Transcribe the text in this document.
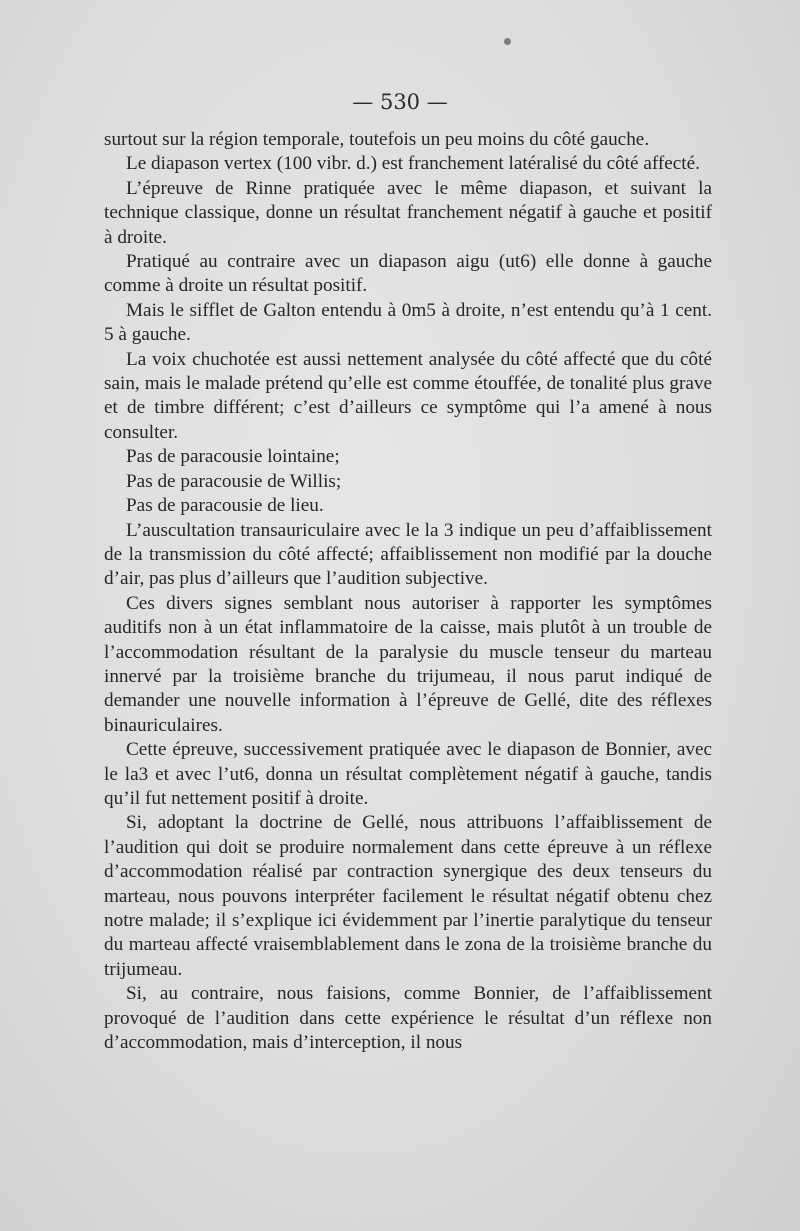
— 530 —

surtout sur la région temporale, toutefois un peu moins du côté gauche.

Le diapason vertex (100 vibr. d.) est franchement latéralisé du côté affecté.

L’épreuve de Rinne pratiquée avec le même diapason, et suivant la technique classique, donne un résultat franchement négatif à gauche et positif à droite.

Pratiqué au contraire avec un diapason aigu (ut6) elle donne à gauche comme à droite un résultat positif.

Mais le sifflet de Galton entendu à 0m5 à droite, n’est entendu qu’à 1 cent. 5 à gauche.

La voix chuchotée est aussi nettement analysée du côté affecté que du côté sain, mais le malade prétend qu’elle est comme étouffée, de tonalité plus grave et de timbre différent; c’est d’ailleurs ce symptôme qui l’a amené à nous consulter.

Pas de paracousie lointaine;

Pas de paracousie de Willis;

Pas de paracousie de lieu.

L’auscultation transauriculaire avec le la 3 indique un peu d’affaiblissement de la transmission du côté affecté; affaiblissement non modifié par la douche d’air, pas plus d’ailleurs que l’audition subjective.

Ces divers signes semblant nous autoriser à rapporter les symptômes auditifs non à un état inflammatoire de la caisse, mais plutôt à un trouble de l’accommodation résultant de la paralysie du muscle tenseur du marteau innervé par la troisième branche du trijumeau, il nous parut indiqué de demander une nouvelle information à l’épreuve de Gellé, dite des réflexes binauriculaires.

Cette épreuve, successivement pratiquée avec le diapason de Bonnier, avec le la3 et avec l’ut6, donna un résultat complètement négatif à gauche, tandis qu’il fut nettement positif à droite.

Si, adoptant la doctrine de Gellé, nous attribuons l’affaiblissement de l’audition qui doit se produire normalement dans cette épreuve à un réflexe d’accommodation réalisé par contraction synergique des deux tenseurs du marteau, nous pouvons interpréter facilement le résultat négatif obtenu chez notre malade; il s’explique ici évidemment par l’inertie paralytique du tenseur du marteau affecté vraisemblablement dans le zona de la troisième branche du trijumeau.

Si, au contraire, nous faisions, comme Bonnier, de l’affaiblissement provoqué de l’audition dans cette expérience le résultat d’un réflexe non d’accommodation, mais d’interception, il nous
